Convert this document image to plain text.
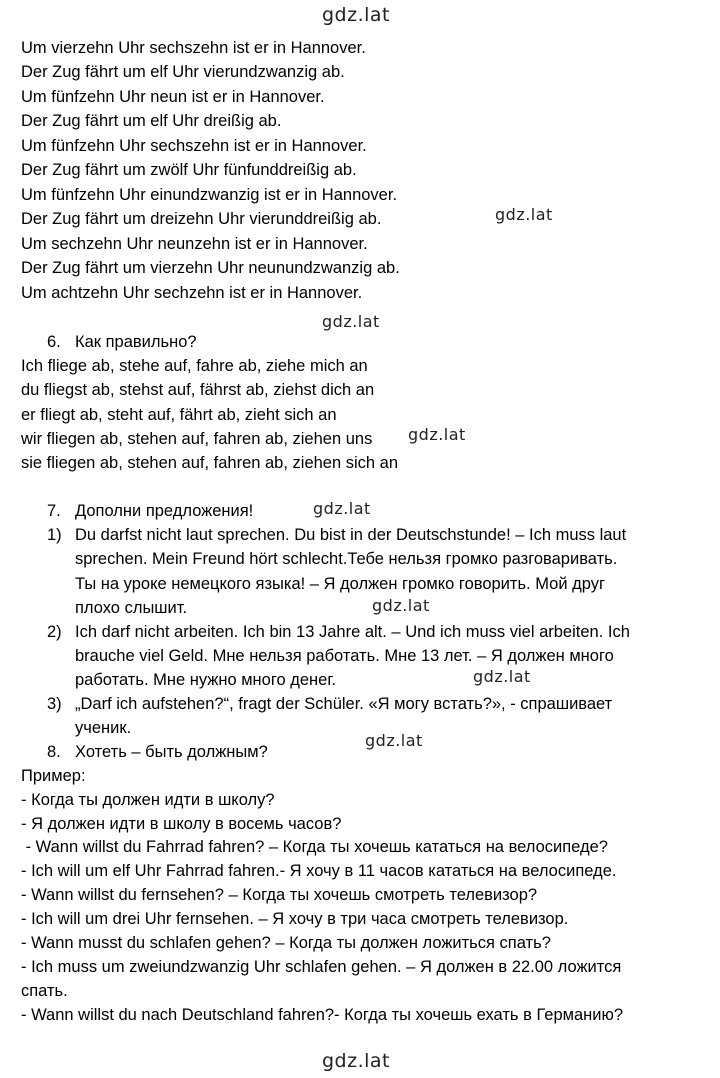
gdz.lat
gdz.lat
gdz.lat
gdz.lat
gdz.lat
gdz.lat
gdz.lat
gdz.lat
gdz.lat
Um vierzehn Uhr sechszehn ist er in Hannover.
Der Zug fährt um elf Uhr vierundzwanzig ab.
Um fünfzehn Uhr neun ist er in Hannover.
Der Zug fährt um elf Uhr dreißig ab.
Um fünfzehn Uhr sechszehn ist er in Hannover.
Der Zug fährt um zwölf Uhr fünfunddreißig ab.
Um fünfzehn Uhr einundzwanzig ist er in Hannover.
Der Zug fährt um dreizehn Uhr vierunddreißig ab.
Um sechzehn Uhr neunzehn ist er in Hannover.
Der Zug fährt um vierzehn Uhr neunundzwanzig ab.
Um achtzehn Uhr sechzehn ist er in Hannover.
6. Как правильно?
Ich fliege ab, stehe auf, fahre ab, ziehe mich an
du fliegst ab, stehst auf, fährst ab, ziehst dich an
er fliegt ab, steht auf, fährt ab, zieht sich an
wir fliegen ab, stehen auf, fahren ab, ziehen uns
sie fliegen ab, stehen auf, fahren ab, ziehen sich an
7. Дополни предложения!
1) Du darfst nicht laut sprechen. Du bist in der Deutschstunde! – Ich muss laut
sprechen. Mein Freund hört schlecht.Тебе нельзя громко разговаривать.
Ты на уроке немецкого языка! – Я должен громко говорить. Мой друг
плохо слышит.
2) Ich darf nicht arbeiten. Ich bin 13 Jahre alt. – Und ich muss viel arbeiten. Ich
brauche viel Geld. Мне нельзя работать. Мне 13 лет. – Я должен много
работать. Мне нужно много денег.
3) „Darf ich aufstehen?“, fragt der Schüler. «Я могу встать?», - спрашивает
ученик.
8. Хотеть – быть должным?
Пример:
- Когда ты должен идти в школу?
- Я должен идти в школу в восемь часов?
- Wann willst du Fahrrad fahren? – Когда ты хочешь кататься на велосипеде?
- Ich will um elf Uhr Fahrrad fahren.- Я хочу в 11 часов кататься на велосипеде.
- Wann willst du fernsehen? – Когда ты хочешь смотреть телевизор?
- Ich will um drei Uhr fernsehen. – Я хочу в три часа смотреть телевизор.
- Wann musst du schlafen gehen? – Когда ты должен ложиться спать?
- Ich muss um zweiundzwanzig Uhr schlafen gehen. – Я должен в 22.00 ложится
спать.
- Wann willst du nach Deutschland fahren?- Когда ты хочешь ехать в Германию?
